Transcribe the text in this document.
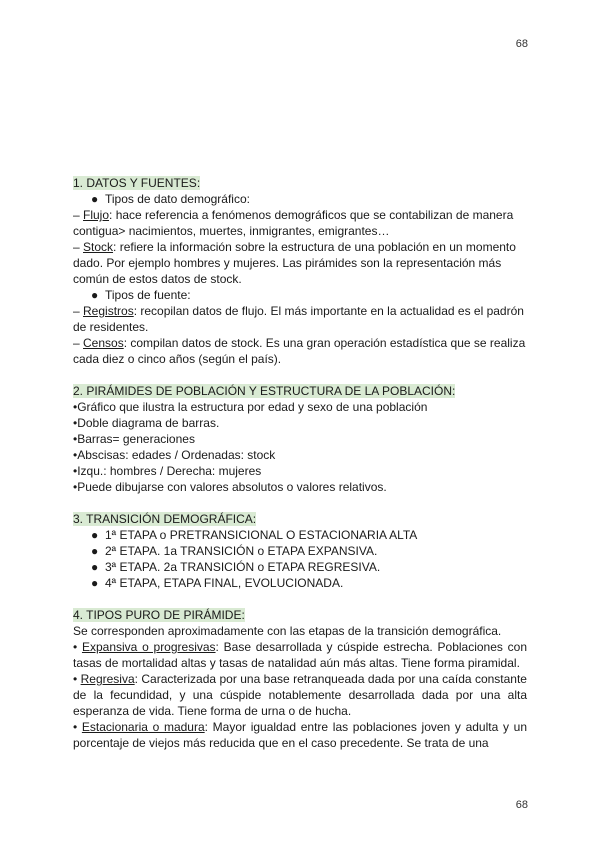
68
1. DATOS Y FUENTES:

● Tipos de dato demográfico:

– Flujo: hace referencia a fenómenos demográficos que se contabilizan de manera contigua> nacimientos, muertes, inmigrantes, emigrantes…

– Stock: refiere la información sobre la estructura de una población en un momento dado. Por ejemplo hombres y mujeres. Las pirámides son la representación más común de estos datos de stock.

● Tipos de fuente:

– Registros: recopilan datos de flujo. El más importante en la actualidad es el padrón de residentes.

– Censos: compilan datos de stock. Es una gran operación estadística que se realiza cada diez o cinco años (según el país).

2. PIRÁMIDES DE POBLACIÓN Y ESTRUCTURA DE LA POBLACIÓN:

•Gráfico que ilustra la estructura por edad y sexo de una población

•Doble diagrama de barras.

•Barras= generaciones

•Abscisas: edades / Ordenadas: stock

•Izqu.: hombres / Derecha: mujeres

•Puede dibujarse con valores absolutos o valores relativos.

3. TRANSICIÓN DEMOGRÁFICA:

● 1ª ETAPA o PRETRANSICIONAL O ESTACIONARIA ALTA

● 2ª ETAPA. 1a TRANSICIÓN o ETAPA EXPANSIVA.

● 3ª ETAPA. 2a TRANSICIÓN o ETAPA REGRESIVA.

● 4ª ETAPA, ETAPA FINAL, EVOLUCIONADA.

4. TIPOS PURO DE PIRÁMIDE:

Se corresponden aproximadamente con las etapas de la transición demográfica.

• Expansiva o progresivas: Base desarrollada y cúspide estrecha. Poblaciones con tasas de mortalidad altas y tasas de natalidad aún más altas. Tiene forma piramidal.

• Regresiva: Caracterizada por una base retranqueada dada por una caída constante de la fecundidad, y una cúspide notablemente desarrollada dada por una alta esperanza de vida. Tiene forma de urna o de hucha.

• Estacionaria o madura: Mayor igualdad entre las poblaciones joven y adulta y un porcentaje de viejos más reducida que en el caso precedente. Se trata de una

68
